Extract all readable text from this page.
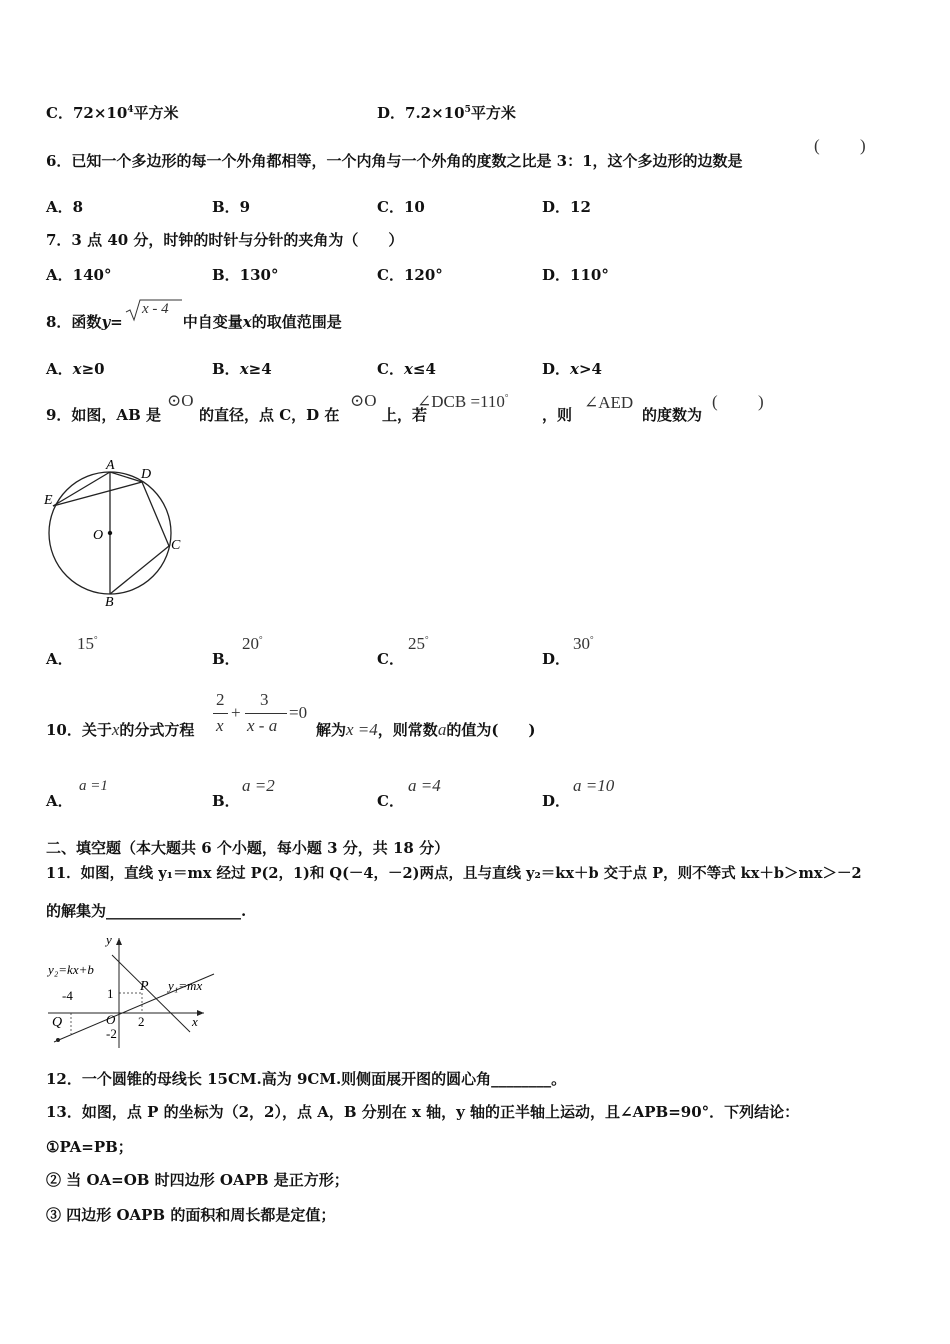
C．$72\times 10^4$平方米	D．$7.2\times 10^5$平方米
6．已知一个多边形的每一个外角都相等，一个内角与一个外角的度数之比是 3：1，这个多边形的边数是
( )
A．8	B．9	C．10	D．12
7．3 点 40 分，时钟的时针与分针的夹角为（　　）
A．140°	B．130°	C．120°	D．110°
8．函数y=	中自变量x的取值范围是
x - 4
A．x≥0	B．x≥4	C．x≤4	D．x>4
9．如图，AB 是
⊙O
的直径，点 C，D 在
⊙O
上，若
∠DCB =110°
，则
∠AED
的度数为
( )
A
D
E
O
C
B
A．
15°
B．
20°
C．
25°
D．
30°
10．关于x的分式方程
2
x
+
3
x - a
=0
解为x =4，则常数a的值为(　　)
A．
a =1
B．
a =2
C．
a =4
D．
a =10
二、填空题（本大题共 6 个小题，每小题 3 分，共 18 分）
11．如图，直线 y₁＝mx 经过 P(2，1)和 Q(－4，－2)两点，且与直线 y₂＝kx＋b 交于点 P，则不等式 kx＋b＞mx＞－2
的解集为__________________.
y
x
y₂=kx+b
y₁=mx
P
Q	O
-4	1
2
-2
12．一个圆锥的母线长 15CM.高为 9CM.则侧面展开图的圆心角________。
13．如图，点 P 的坐标为（2，2），点 A，B 分别在 x 轴，y 轴的正半轴上运动，且∠APB=90°．下列结论：
①PA=PB；
② 当 OA=OB 时四边形 OAPB 是正方形；
③ 四边形 OAPB 的面积和周长都是定值；
